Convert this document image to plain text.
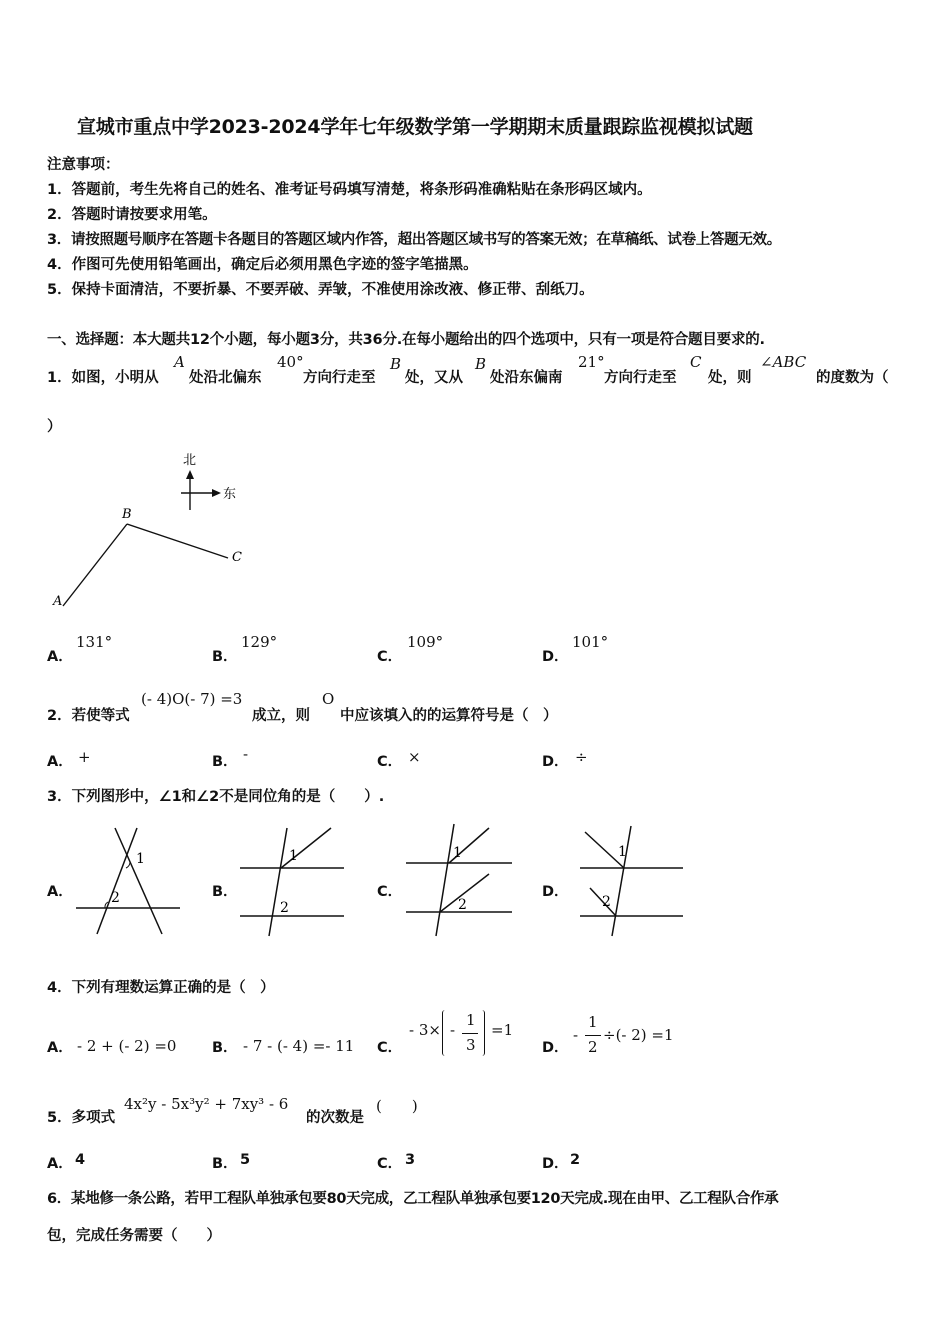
宣城市重点中学2023-2024学年七年级数学第一学期期末质量跟踪监视模拟试题
注意事项：
1．答题前，考生先将自己的姓名、准考证号码填写清楚，将条形码准确粘贴在条形码区域内。
2．答题时请按要求用笔。
3．请按照题号顺序在答题卡各题目的答题区域内作答，超出答题区域书写的答案无效；在草稿纸、试卷上答题无效。
4．作图可先使用铅笔画出，确定后必须用黑色字迹的签字笔描黑。
5．保持卡面清洁，不要折暴、不要弄破、弄皱，不准使用涂改液、修正带、刮纸刀。
一、选择题：本大题共12个小题，每小题3分，共36分.在每小题给出的四个选项中，只有一项是符合题目要求的.
1．如图，小明从
A
处沿北偏东
40°
方向行走至
B
处，又从
B
处沿东偏南
21°
方向行走至
C
处，则
∠ABC
的度数为（
）
北
东
A
B
C
A．
131°
B．
129°
C．
109°
D．
101°
2．若使等式
(- 4)O(- 7) =3
成立，则
O
中应该填入的的运算符号是（　）
A． +	B． -	C． ×	D． ÷
3．下列图形中，∠1和∠2不是同位角的是（　　）.
A．
1
2	B．
1
2
C．
1
2
D．
1
2
4．下列有理数运算正确的是（　）
A． - 2 + (- 2) =0 B． - 7 - (- 4) =- 11 C．
- 3× -
1
3
=1
D．
-
1
2
÷(- 2) =1
5．多项式
4x²y - 5x³y² + 7xy³ - 6
的次数是
(　　)
A． 4	B． 5	C． 3	D． 2
6．某地修一条公路，若甲工程队单独承包要80天完成，乙工程队单独承包要120天完成.现在由甲、乙工程队合作承
包，完成任务需要（　　）
